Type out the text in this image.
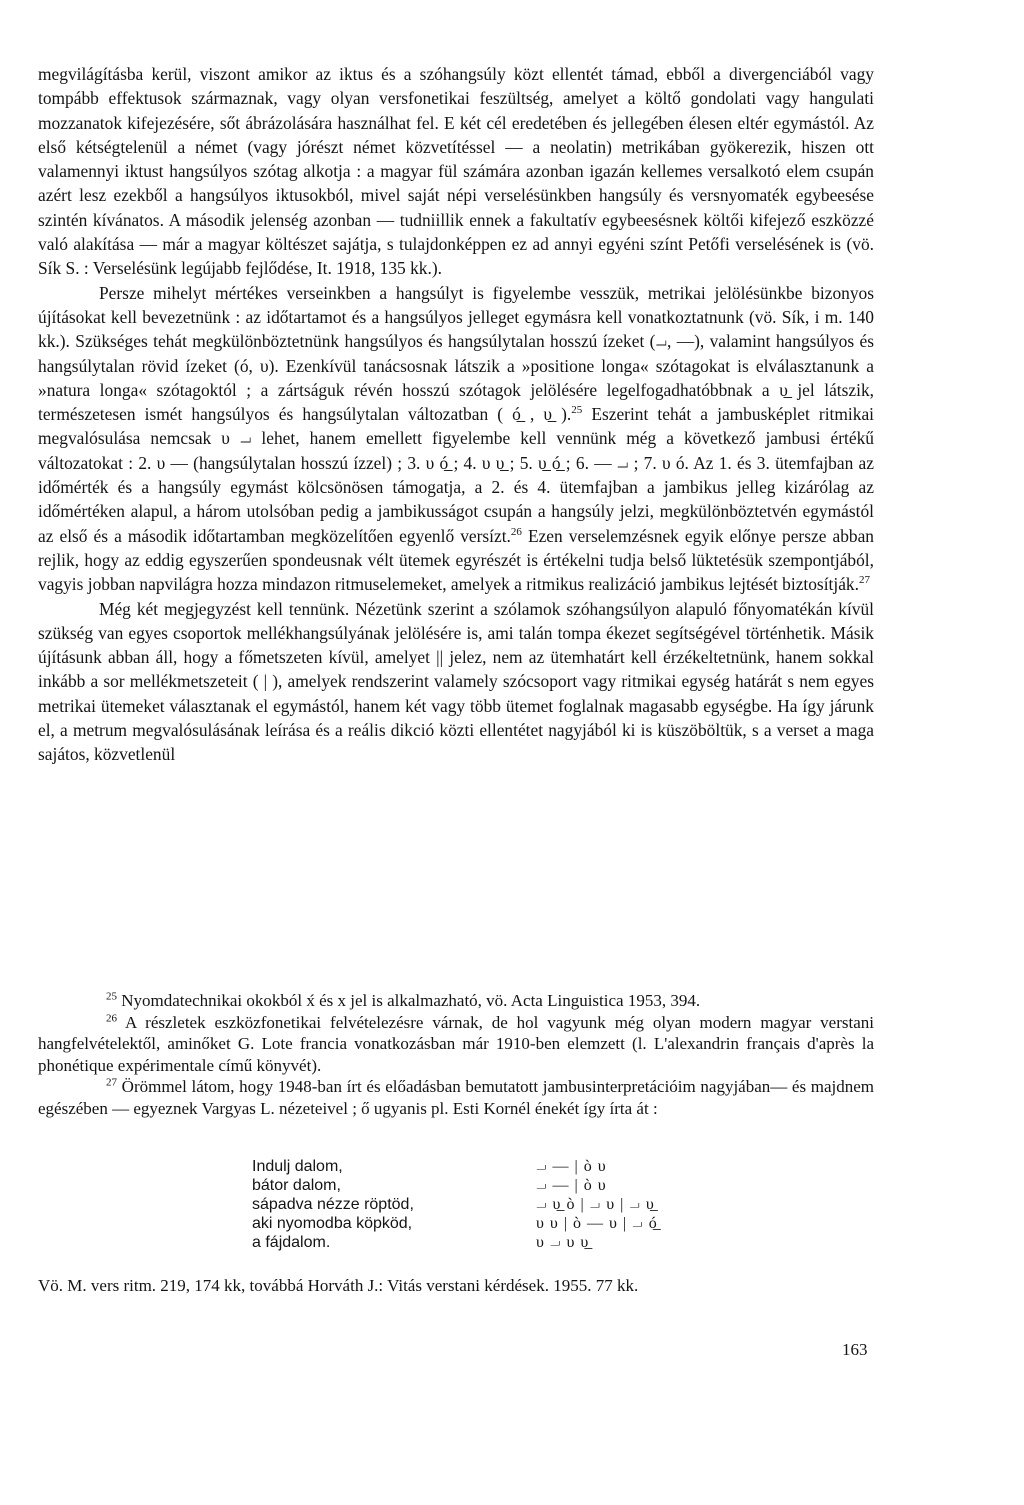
megvilágításba kerül, viszont amikor az iktus és a szóhangsúly közt ellentét támad, ebből a divergenciából vagy tompább effektusok származnak, vagy olyan versfonetikai feszültség, amelyet a költő gondolati vagy hangulati mozzanatok kifejezésére, sőt ábrázolására használhat fel. E két cél eredetében és jellegében élesen eltér egymástól. Az első kétségtelenül a német (vagy jórészt német közvetítéssel — a neolatin) metrikában gyökerezik, hiszen ott valamennyi iktust hangsúlyos szótag alkotja : a magyar fül számára azonban igazán kellemes versalkotó elem csupán azért lesz ezekből a hangsúlyos iktusokból, mivel saját népi verselésünkben hangsúly és versnyomaték egybeesése szintén kívánatos. A második jelenség azonban — tudniillik ennek a fakultatív egybeesésnek költői kifejező eszközzé való alakítása — már a magyar költészet sajátja, s tulajdonképpen ez ad annyi egyéni színt Petőfi verselésének is (vö. Sík S. : Verselésünk legújabb fejlődése, It. 1918, 135 kk.).

Persze mihelyt mértékes verseinkben a hangsúlyt is figyelembe vesszük, metrikai jelölésünkbe bizonyos újításokat kell bevezetnünk : az időtartamot és a hangsúlyos jelleget egymásra kell vonatkoztatnunk (vö. Sík, i m. 140 kk.). Szükséges tehát megkülönböztetnünk hangsúlyos és hangsúlytalan hosszú ízeket (⏗, —), valamint hangsúlyos és hangsúlytalan rövid ízeket (ó, υ). Ezenkívül tanácsosnak látszik a »positione longa« szótagokat is elválasztanunk a »natura longa« szótagoktól ; a zártságuk révén hosszú szótagok jelölésére legelfogadhatóbbnak a υ̲ jel látszik, természetesen ismét hangsúlyos és hangsúlytalan változatban ( ó̲ , υ̲ ).$^{25}$ Eszerint tehát a jambusképlet ritmikai megvalósulása nemcsak υ ⏗ lehet, hanem emellett figyelembe kell vennünk még a következő jambusi értékű változatokat : 2. υ — (hangsúlytalan hosszú ízzel) ; 3. υ ó̲ ; 4. υ υ̲ ; 5. υ̲ ó̲ ; 6. — ⏗ ; 7. υ ó. Az 1. és 3. ütemfajban az időmérték és a hangsúly egymást kölcsönösen támogatja, a 2. és 4. ütemfajban a jambikus jelleg kizárólag az időmértéken alapul, a három utolsóban pedig a jambikusságot csupán a hangsúly jelzi, megkülönböztetvén egymástól az első és a második időtartamban megközelítően egyenlő versízt.$^{26}$ Ezen verselemzésnek egyik előnye persze abban rejlik, hogy az eddig egyszerűen spondeusnak vélt ütemek egyrészét is értékelni tudja belső lüktetésük szempontjából, vagyis jobban napvilágra hozza mindazon ritmuselemeket, amelyek a ritmikus realizáció jambikus lejtését biztosítják.$^{27}$

Még két megjegyzést kell tennünk. Nézetünk szerint a szólamok szóhangsúlyon alapuló főnyomatékán kívül szükség van egyes csoportok mellékhangsúlyának jelölésére is, ami talán tompa ékezet segítségével történhetik. Másik újításunk abban áll, hogy a főmetszeten kívül, amelyet || jelez, nem az ütemhatárt kell érzékeltetnünk, hanem sokkal inkább a sor mellékmetszeteit ( | ), amelyek rendszerint valamely szócsoport vagy ritmikai egység határát s nem egyes metrikai ütemeket választanak el egymástól, hanem két vagy több ütemet foglalnak magasabb egységbe. Ha így járunk el, a metrum megvalósulásának leírása és a reális dikció közti ellentétet nagyjából ki is küszöböltük, s a verset a maga sajátos, közvetlenül

$^{25}$ Nyomdatechnikai okokból x́ és x jel is alkalmazható, vö. Acta Linguistica 1953, 394.

$^{26}$ A részletek eszközfonetikai felvételezésre várnak, de hol vagyunk még olyan modern magyar verstani hangfelvételektől, aminőket G. Lote francia vonatkozásban már 1910-ben elemzett (l. L'alexandrin français d'après la phonétique expérimentale című könyvét).

$^{27}$ Örömmel látom, hogy 1948-ban írt és előadásban bemutatott jambusinterpretációim nagyjában— és majdnem egészében — egyeznek Vargyas L. nézeteivel ; ő ugyanis pl. Esti Kornél énekét így írta át :

Indulj dalom,	⏗ — | ò υ
bátor dalom,	⏗ — | ò υ
sápadva nézze röptöd,	⏗ υ̲ ò | ⏗ υ | ⏗ υ̲
aki nyomodba köpköd,	υ υ | ò — υ | ⏗ ó̲
a fájdalom.	υ ⏗ υ υ̲
Vö. M. vers ritm. 219, 174 kk, továbbá Horváth J.: Vitás verstani kérdések. 1955. 77 kk.
163
